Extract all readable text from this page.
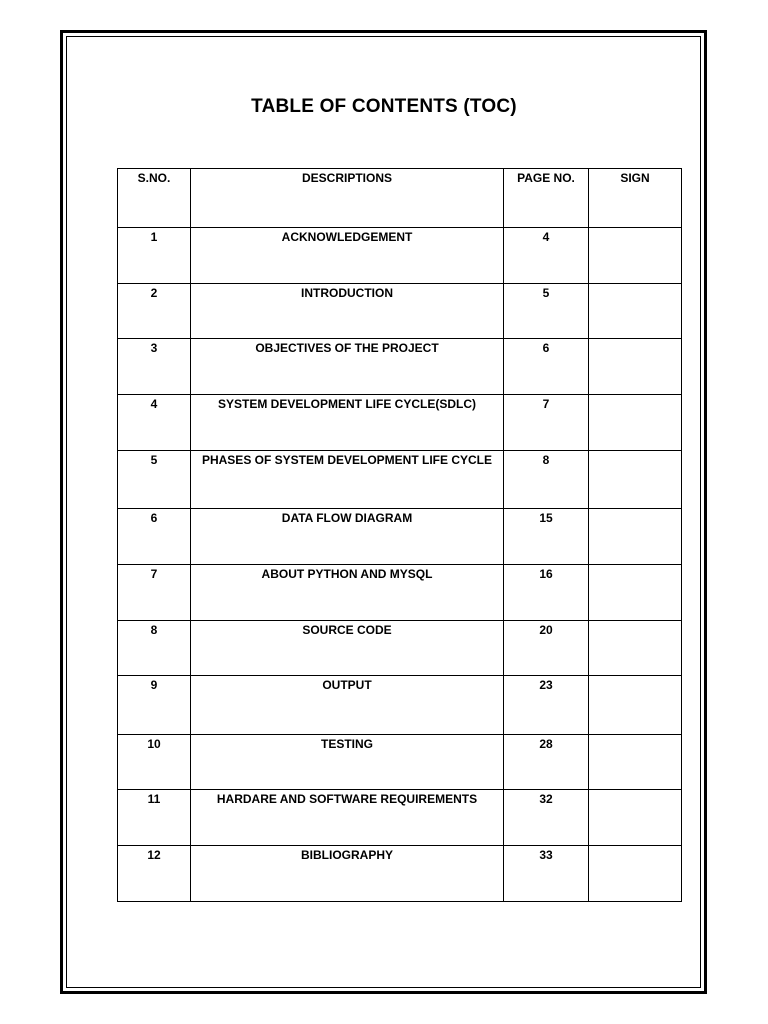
TABLE OF CONTENTS (TOC)
S.NO.	DESCRIPTIONS	PAGE NO.	SIGN
1	ACKNOWLEDGEMENT	4	
2	INTRODUCTION	5	
3	OBJECTIVES OF THE PROJECT	6	
4	SYSTEM DEVELOPMENT LIFE CYCLE(SDLC)	7	
5	PHASES OF SYSTEM DEVELOPMENT LIFE CYCLE	8	
6	DATA FLOW DIAGRAM	15	
7	ABOUT PYTHON AND MYSQL	16	
8	SOURCE CODE	20	
9	OUTPUT	23	
10	TESTING	28	
11	HARDARE AND SOFTWARE REQUIREMENTS	32	
12	BIBLIOGRAPHY	33	
